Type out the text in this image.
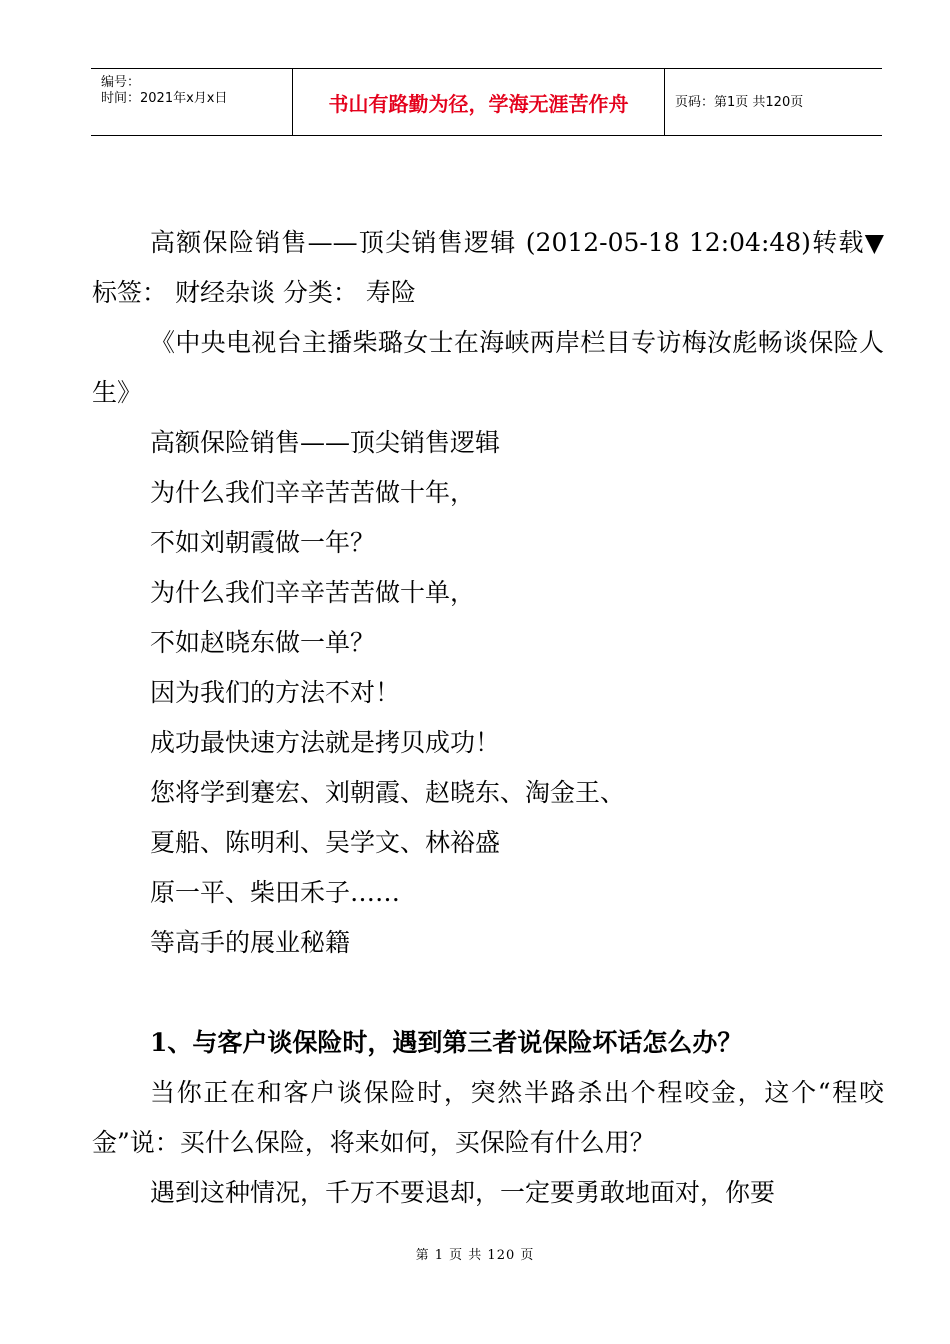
编号：
时间：2021年x月x日	书山有路勤为径，学海无涯苦作舟	页码：第1页 共120页

高额保险销售——顶尖销售逻辑 (2012-05-18 12:04:48)转载▼标签： 财经杂谈 分类： 寿险

《中央电视台主播柴璐女士在海峡两岸栏目专访梅汝彪畅谈保险人生》

高额保险销售——顶尖销售逻辑

为什么我们辛辛苦苦做十年，

不如刘朝霞做一年？

为什么我们辛辛苦苦做十单，

不如赵晓东做一单？

因为我们的方法不对！

成功最快速方法就是拷贝成功！

您将学到蹇宏、刘朝霞、赵晓东、淘金王、

夏船、陈明利、吴学文、林裕盛

原一平、柴田禾子……

等高手的展业秘籍

1、与客户谈保险时，遇到第三者说保险坏话怎么办？

当你正在和客户谈保险时，突然半路杀出个程咬金，这个“程咬金”说：买什么保险，将来如何，买保险有什么用？

遇到这种情况，千万不要退却，一定要勇敢地面对，你要

第 1 页 共 120 页
